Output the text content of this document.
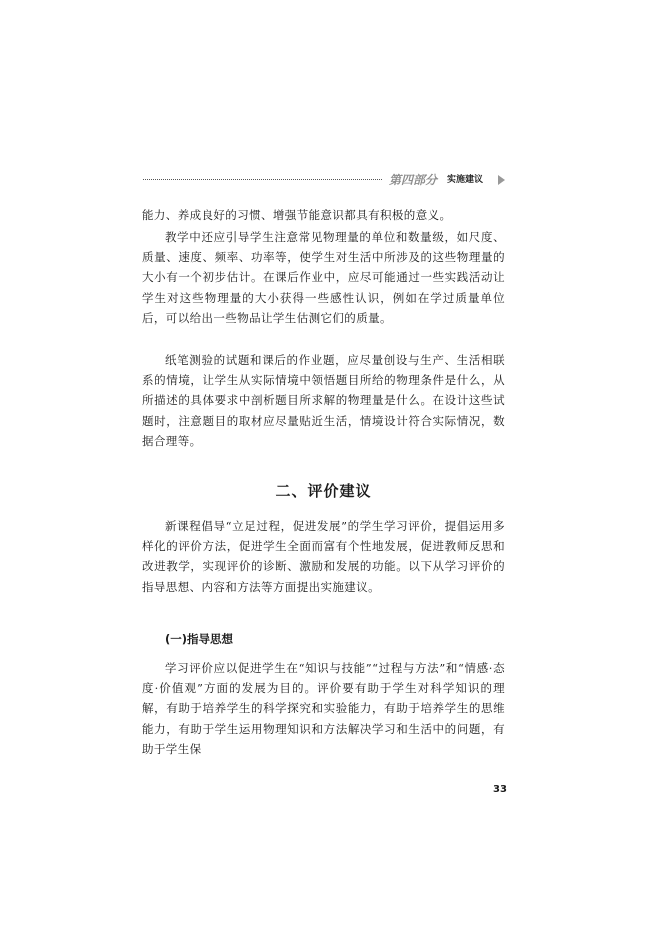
第四部分 实施建议

能力、养成良好的习惯、增强节能意识都具有积极的意义。

教学中还应引导学生注意常见物理量的单位和数量级，如尺度、质量、速度、频率、功率等，使学生对生活中所涉及的这些物理量的大小有一个初步估计。在课后作业中，应尽可能通过一些实践活动让学生对这些物理量的大小获得一些感性认识，例如在学过质量单位后，可以给出一些物品让学生估测它们的质量。

纸笔测验的试题和课后的作业题，应尽量创设与生产、生活相联系的情境，让学生从实际情境中领悟题目所给的物理条件是什么，从所描述的具体要求中剖析题目所求解的物理量是什么。在设计这些试题时，注意题目的取材应尽量贴近生活，情境设计符合实际情况，数据合理等。

二、评价建议

新课程倡导“立足过程，促进发展”的学生学习评价，提倡运用多样化的评价方法，促进学生全面而富有个性地发展，促进教师反思和改进教学，实现评价的诊断、激励和发展的功能。以下从学习评价的指导思想、内容和方法等方面提出实施建议。

(一)指导思想

学习评价应以促进学生在“知识与技能”“过程与方法”和“情感·态度·价值观”方面的发展为目的。评价要有助于学生对科学知识的理解，有助于培养学生的科学探究和实验能力，有助于培养学生的思维能力，有助于学生运用物理知识和方法解决学习和生活中的问题，有助于学生保

33
